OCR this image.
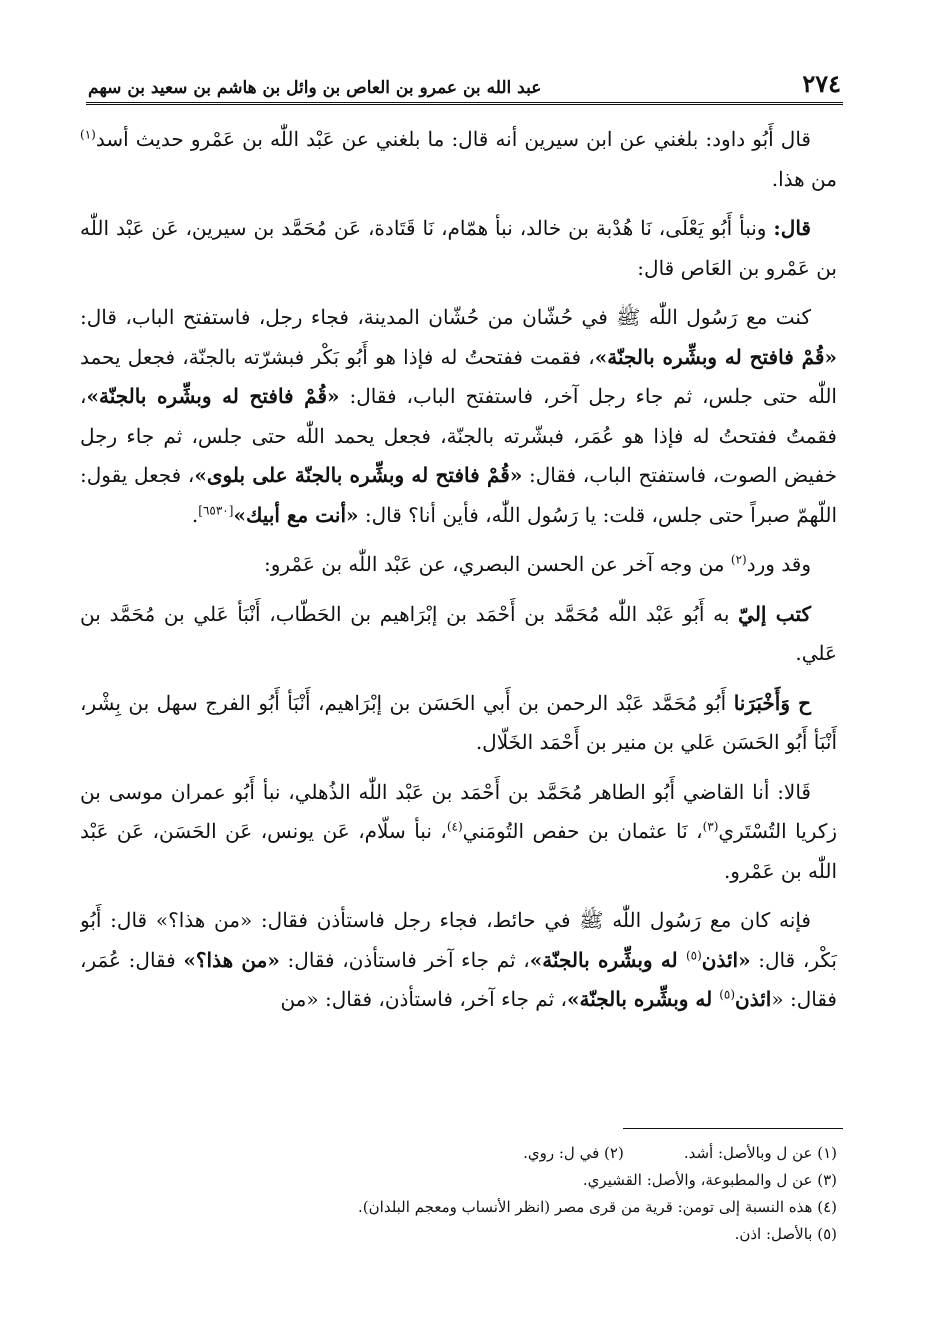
٢٧٤
عبد الله بن عمرو بن العاص بن وائل بن هاشم بن سعيد بن سهم

قال أَبُو داود: بلغني عن ابن سيرين أنه قال: ما بلغني عن عَبْد اللّٰه بن عَمْرو حديث أسد$^{(١)}$ من هذا.

قال: ونبأ أَبُو يَعْلَى، نَا هُدْبة بن خالد، نبأ همّام، نَا قَتَادة، عَن مُحَمَّد بن سيرين، عَن عَبْد اللّٰه بن عَمْرو بن العَاص قال:

كنت مع رَسُول اللّٰه ﷺ في حُشّان من حُشّان المدينة، فجاء رجل، فاستفتح الباب، قال: «قُمْ فافتح له وبشِّره بالجنّة»، فقمت ففتحتُ له فإذا هو أَبُو بَكْر فبشرّته بالجنّة، فجعل يحمد اللّٰه حتى جلس، ثم جاء رجل آخر، فاستفتح الباب، فقال: «قُمْ فافتح له وبشِّره بالجنّة»، فقمتُ ففتحتُ له فإذا هو عُمَر، فبشّرته بالجنّة، فجعل يحمد اللّٰه حتى جلس، ثم جاء رجل خفيض الصوت، فاستفتح الباب، فقال: «قُمْ فافتح له وبشِّره بالجنّة على بلوى»، فجعل يقول: اللّهمّ صبراً حتى جلس، قلت: يا رَسُول اللّٰه، فأين أنا؟ قال: «أنت مع أبيك»[٦٥٣٠].

وقد ورد$^{(٢)}$ من وجه آخر عن الحسن البصري، عن عَبْد اللّٰه بن عَمْرو:

كتب إليّ به أَبُو عَبْد اللّٰه مُحَمَّد بن أَحْمَد بن إبْرَاهيم بن الحَطّاب، أَنْبَأ عَلي بن مُحَمَّد بن عَلي.

ح وَأَخْبَرَنا أَبُو مُحَمَّد عَبْد الرحمن بن أَبي الحَسَن بن إبْرَاهيم، أَنْبَأ أَبُو الفرج سهل بن بِشْر، أَنْبَأ أَبُو الحَسَن عَلي بن منير بن أَحْمَد الخَلّال.

قَالا: أنا القاضي أَبُو الطاهر مُحَمَّد بن أَحْمَد بن عَبْد اللّٰه الذُهلي، نبأ أَبُو عمران موسى بن زكريا التُسْتَري$^{(٣)}$، نَا عثمان بن حفص التُومَني$^{(٤)}$، نبأ سلّام، عَن يونس، عَن الحَسَن، عَن عَبْد اللّٰه بن عَمْرو.

فإنه كان مع رَسُول اللّٰه ﷺ في حائط، فجاء رجل فاستأذن فقال: «من هذا؟» قال: أَبُو بَكْر، قال: «ائذن$^{(٥)}$ له وبشِّره بالجنّة»، ثم جاء آخر فاستأذن، فقال: «من هذا؟» فقال: عُمَر، فقال: «ائذن$^{(٥)}$ له وبشِّره بالجنّة»، ثم جاء آخر، فاستأذن، فقال: «من

(١) عن ل وبالأصل: أشد.
(٢) في ل: روي.
(٣) عن ل والمطبوعة، والأصل: القشيري.
(٤) هذه النسبة إلى تومن: قرية من قرى مصر (انظر الأنساب ومعجم البلدان).
(٥) بالأصل: اذن.
